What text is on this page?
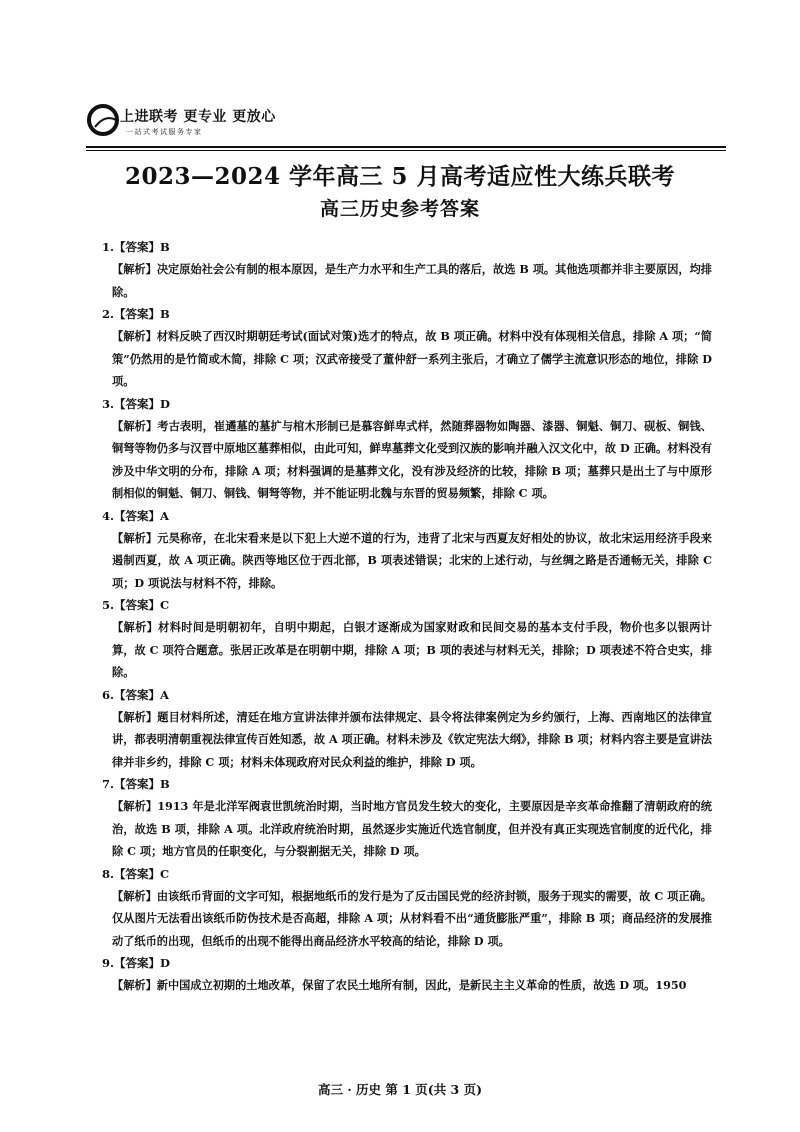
上进联考 更专业 更放心
一站式考试服务专家
2023—2024 学年高三 5 月高考适应性大练兵联考
高三历史参考答案
1.【答案】B
【解析】决定原始社会公有制的根本原因，是生产力水平和生产工具的落后，故选 B 项。其他选项都并非主要原因，均排除。
2.【答案】B
【解析】材料反映了西汉时期朝廷考试(面试对策)选才的特点，故 B 项正确。材料中没有体现相关信息，排除 A 项；“简策”仍然用的是竹简或木简，排除 C 项；汉武帝接受了董仲舒一系列主张后，才确立了儒学主流意识形态的地位，排除 D 项。
3.【答案】D
【解析】考古表明，崔遹墓的墓扩与棺木形制已是慕容鲜卑式样，然随葬器物如陶器、漆器、铜魁、铜刀、砚板、铜钱、铜弩等物仍多与汉晋中原地区墓葬相似，由此可知，鲜卑墓葬文化受到汉族的影响并融入汉文化中，故 D 正确。材料没有涉及中华文明的分布，排除 A 项；材料强调的是墓葬文化，没有涉及经济的比较，排除 B 项；墓葬只是出土了与中原形制相似的铜魁、铜刀、铜钱、铜弩等物，并不能证明北魏与东晋的贸易频繁，排除 C 项。
4.【答案】A
【解析】元昊称帝，在北宋看来是以下犯上大逆不道的行为，违背了北宋与西夏友好相处的协议，故北宋运用经济手段来遏制西夏，故 A 项正确。陕西等地区位于西北部，B 项表述错误；北宋的上述行动，与丝绸之路是否通畅无关，排除 C 项；D 项说法与材料不符，排除。
5.【答案】C
【解析】材料时间是明朝初年，自明中期起，白银才逐渐成为国家财政和民间交易的基本支付手段，物价也多以银两计算，故 C 项符合题意。张居正改革是在明朝中期，排除 A 项；B 项的表述与材料无关，排除；D 项表述不符合史实，排除。
6.【答案】A
【解析】题目材料所述，清廷在地方宣讲法律并颁布法律规定、县令将法律案例定为乡约颁行，上海、西南地区的法律宣讲，都表明清朝重视法律宣传百姓知悉，故 A 项正确。材料未涉及《钦定宪法大纲》，排除 B 项；材料内容主要是宣讲法律并非乡约，排除 C 项；材料未体现政府对民众利益的维护，排除 D 项。
7.【答案】B
【解析】1913 年是北洋军阀袁世凯统治时期，当时地方官员发生较大的变化，主要原因是辛亥革命推翻了清朝政府的统治，故选 B 项，排除 A 项。北洋政府统治时期，虽然逐步实施近代选官制度，但并没有真正实现选官制度的近代化，排除 C 项；地方官员的任职变化，与分裂割据无关，排除 D 项。
8.【答案】C
【解析】由该纸币背面的文字可知，根据地纸币的发行是为了反击国民党的经济封锁，服务于现实的需要，故 C 项正确。仅从图片无法看出该纸币防伪技术是否高超，排除 A 项；从材料看不出“通货膨胀严重”，排除 B 项；商品经济的发展推动了纸币的出现，但纸币的出现不能得出商品经济水平较高的结论，排除 D 项。
9.【答案】D
【解析】新中国成立初期的土地改革，保留了农民土地所有制，因此，是新民主主义革命的性质，故选 D 项。1950
高三 · 历史 第 1 页(共 3 页)
